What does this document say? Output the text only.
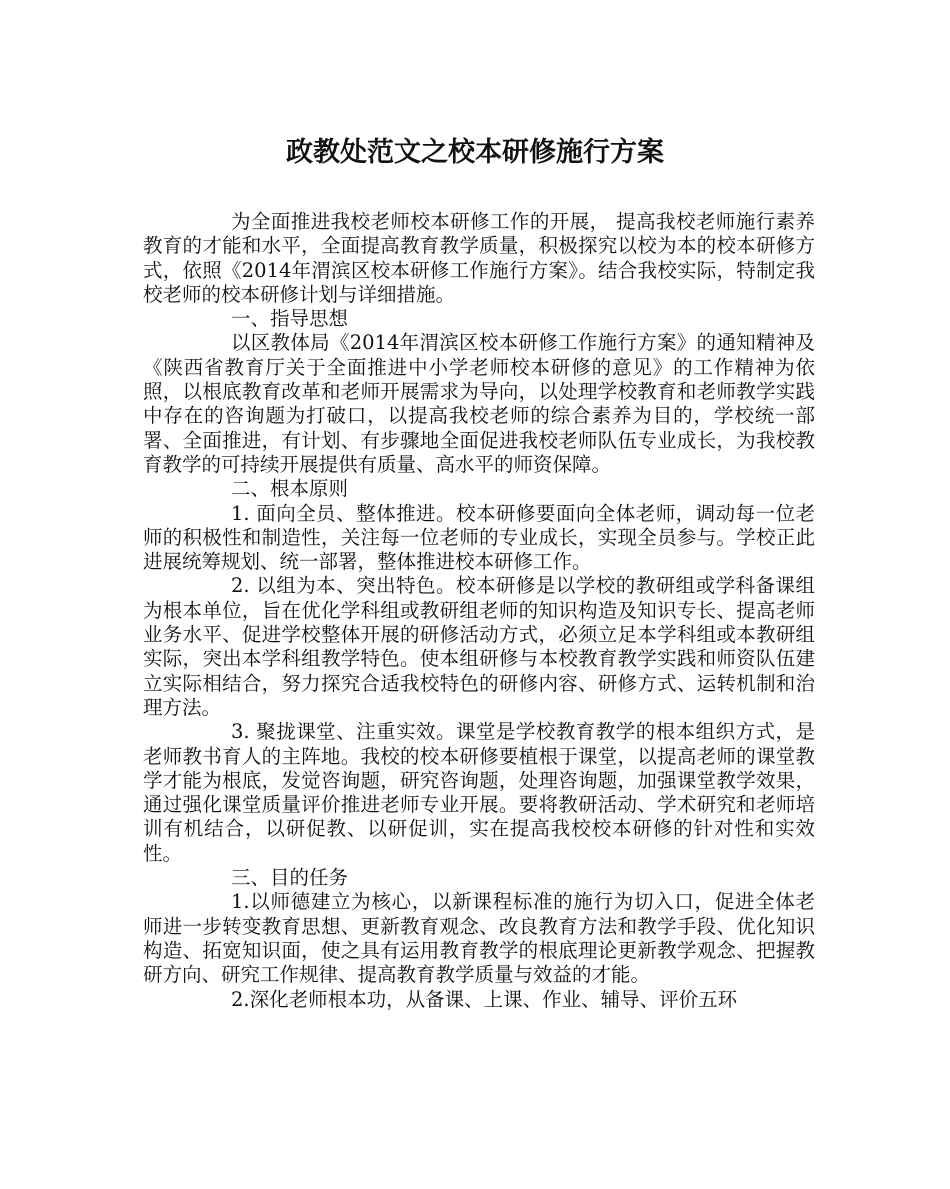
政教处范文之校本研修施行方案

为全面推进我校老师校本研修工作的开展， 提高我校老师施行素养教育的才能和水平，全面提高教育教学质量，积极探究以校为本的校本研修方式，依照《2014年渭滨区校本研修工作施行方案》。结合我校实际，特制定我校老师的校本研修计划与详细措施。

一、指导思想

以区教体局《2014年渭滨区校本研修工作施行方案》的通知精神及《陕西省教育厅关于全面推进中小学老师校本研修的意见》的工作精神为依照，以根底教育改革和老师开展需求为导向，以处理学校教育和老师教学实践中存在的咨询题为打破口，以提高我校老师的综合素养为目的，学校统一部署、全面推进，有计划、有步骤地全面促进我校老师队伍专业成长，为我校教育教学的可持续开展提供有质量、高水平的师资保障。

二、根本原则

1. 面向全员、整体推进。校本研修要面向全体老师，调动每一位老师的积极性和制造性，关注每一位老师的专业成长，实现全员参与。学校正此进展统筹规划、统一部署，整体推进校本研修工作。

2. 以组为本、突出特色。校本研修是以学校的教研组或学科备课组为根本单位，旨在优化学科组或教研组老师的知识构造及知识专长、提高老师业务水平、促进学校整体开展的研修活动方式，必须立足本学科组或本教研组实际，突出本学科组教学特色。使本组研修与本校教育教学实践和师资队伍建立实际相结合，努力探究合适我校特色的研修内容、研修方式、运转机制和治理方法。

3. 聚拢课堂、注重实效。课堂是学校教育教学的根本组织方式，是老师教书育人的主阵地。我校的校本研修要植根于课堂，以提高老师的课堂教学才能为根底，发觉咨询题，研究咨询题，处理咨询题，加强课堂教学效果，通过强化课堂质量评价推进老师专业开展。要将教研活动、学术研究和老师培训有机结合，以研促教、以研促训，实在提高我校校本研修的针对性和实效性。

三、目的任务

1.以师德建立为核心，以新课程标准的施行为切入口，促进全体老师进一步转变教育思想、更新教育观念、改良教育方法和教学手段、优化知识构造、拓宽知识面，使之具有运用教育教学的根底理论更新教学观念、把握教研方向、研究工作规律、提高教育教学质量与效益的才能。

2.深化老师根本功，从备课、上课、作业、辅导、评价五环
